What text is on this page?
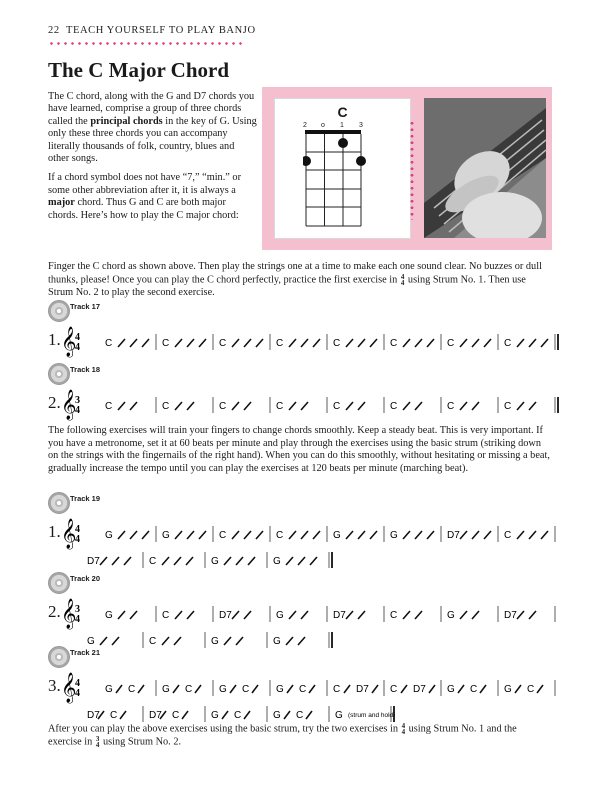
22 TEACH YOURSELF TO PLAY BANJO
The C Major Chord

The C chord, along with the G and D7 chords you have learned, comprise a group of three chords called the principal chords in the key of G. Using only these three chords you can accompany literally thousands of folk, country, blues and other songs.

If a chord symbol does not have “7,” “min.” or some other abbreviation after it, it is always a major chord. Thus G and C are both major chords. Here’s how to play the C major chord:

C
2 o 1 3
Finger the C chord as shown above. Then play the strings one at a time to make each one sound clear. No buzzes or dull thunks, please! Once you can play the C chord perfectly, practice the first exercise in 4
4 using Strum No. 1. Then use Strum No. 2 to play the second exercise.
Track 17
1. 𝄞
4
4	C	C	C	C	C	C	C	C
Track 18
2. 𝄞
3
4	C	C	C	C	C	C	C	C
The following exercises will train your fingers to change chords smoothly. Keep a steady beat. This is very important. If you have a metronome, set it at 60 beats per minute and play through the exercises using the basic strum (striking down on the strings with the fingernails of the right hand). When you can do this smoothly, without hesitating or missing a beat, gradually increase the tempo until you can play the exercises at 120 beats per minute (marching beat).
Track 19
1. 𝄞
4
4	G	G	C	C	G	G	D7	C
D7	C	G	G
Track 20
2. 𝄞
3
4	G	C	D7	G	D7	C	G	D7
G	C	G	G
Track 21
3. 𝄞
4
4	G C	G C	G C	G C	C D7 C D7 G C	G C
D7 C	D7 C	G C	G C	G (strum and hold)
After you can play the above exercises using the basic strum, try the two exercises in 4
4 using Strum No. 1 and the exercise in 3
4 using Strum No. 2.
